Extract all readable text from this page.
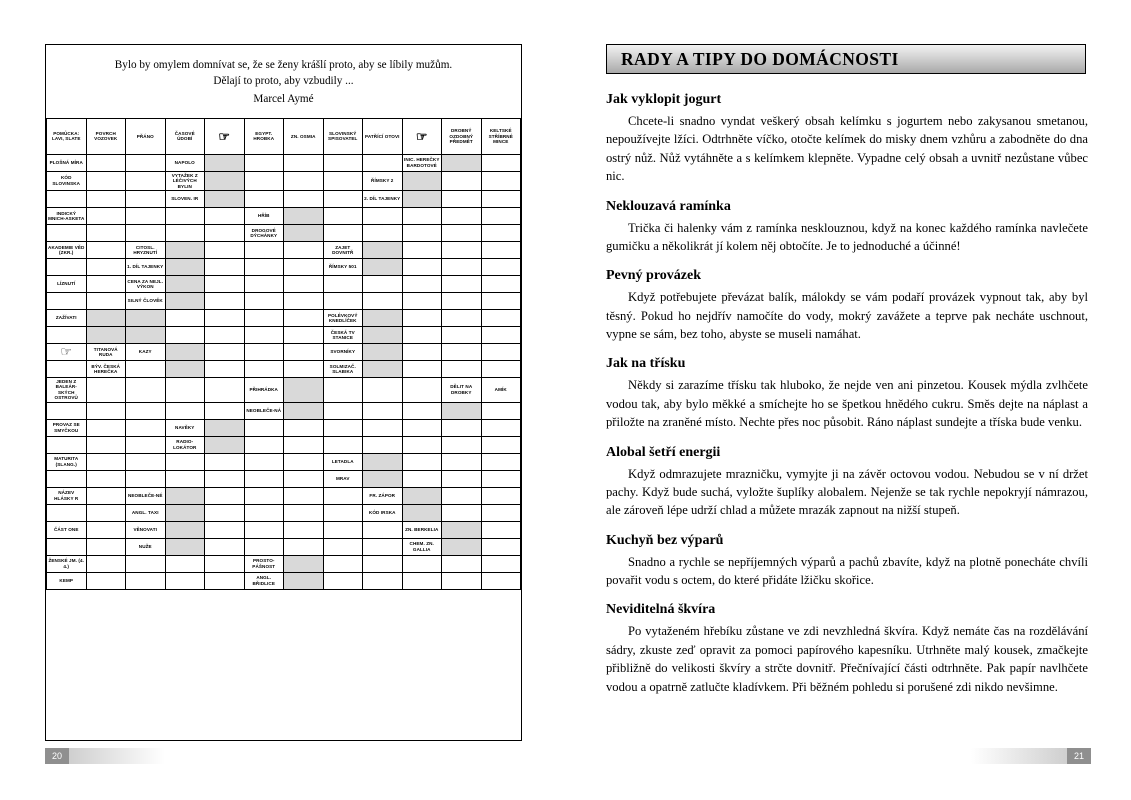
Bylo by omylem domnívat se, že se ženy krášlí proto, aby se líbily mužům.
Dělají to proto, aby vzbudily ...
Marcel Aymé
POMŮCKA: LAVI, SLATE	POVRCH VOZOVEK	PŘÁNO	ČASOVÉ ÚDOBÍ	☞	EGYPT. HROBKA	ZN. OSMIA	SLOVINSKÝ SPISOVATEL	PATŘÍCÍ OTOVI	☞	DROBNÝ OZDOBNÝ PŘEDMĚT	KELTSKÉ STŘÍBRNÉ MINCE
PLOŠNÁ MÍRA			NAPOLO						INIC. HEREČKY BARDOTOVÉ		
KÓD SLOVINSKA			VYTAŽEK Z LÉČIVÝCH BYLIN					ŘÍMSKY 2			
			SLOVEN. IR					2. DÍL TAJENKY			
INDICKÝ MNICH-ASKETA					HŘÍB						
					DROGOVÉ DÝCHÁNKY						
AKADEMIE VĚD (ZKR.)		CITOSL. HRYZNUTÍ					ZAJET DOVNITŘ				
		1. DÍL TAJENKY					ŘÍMSKY 501				
LÍZNUTÍ		CENA ZA NEJL. VÝKON									
		SILNÝ ČLOVĚK									
ZAŽÍVATI							POLÉVKOVÝ KNEDLÍČEK				
							ČESKÁ TV STANICE				

☞	TITANOVÁ RUDA	KAZY					SVORNÍKY				
	BÝV. ČESKÁ HEREČKA						SOLMIZAČ. SLABIKA				
JEDEN Z BALEÁR-SKÝCH OSTROVŮ					PŘIHRÁDKA					DĚLIT NA DROBKY	AMÍK
					NEOBLEČE-NÁ						
PROVAZ SE SMYČKOU			NAVĚKY								
			RADIO-LOKÁTOR								
MATURITA (SLANG.)							LETADLA				
							MRAV				
NÁZEV HLÁSKY R		NEOBLEČE-NÉ						FR. ZÁPOR			
		ANGL. TAXI						KÓD IRSKA			
ČÁST ONE		VĚNOVATI							ZN. BERKELIA		
		NUŽE							CHEM. ZN. GALLIA		
ŽENSKÉ JM. (4. 4.)					PROSTO-PÁŠNOST						
KEMP					ANGL. BŘIDLICE						
20
RADY A TIPY DO DOMÁCNOSTI
Jak vyklopit jogurt

Chcete-li snadno vyndat veškerý obsah kelímku s jogurtem nebo zakysanou smetanou, nepoužívejte lžíci. Odtrhněte víčko, otočte kelímek do misky dnem vzhůru a zabodněte do dna ostrý nůž. Nůž vytáhněte a s kelímkem klepněte. Vypadne celý obsah a uvnitř nezůstane vůbec nic.

Neklouzavá ramínka

Trička či halenky vám z ramínka nesklouznou, když na konec každého ramínka navlečete gumičku a několikrát jí kolem něj obtočíte. Je to jednoduché a účinné!

Pevný provázek

Když potřebujete převázat balík, málokdy se vám podaří provázek vypnout tak, aby byl těsný. Pokud ho nejdřív namočíte do vody, mokrý zavážete a teprve pak necháte uschnout, vypne se sám, bez toho, abyste se museli namáhat.

Jak na třísku

Někdy si zarazíme třísku tak hluboko, že nejde ven ani pinzetou. Kousek mýdla zvlhčete vodou tak, aby bylo měkké a smíchejte ho se špetkou hnědého cukru. Směs dejte na náplast a přiložte na zraněné místo. Nechte přes noc působit. Ráno náplast sundejte a tříska bude venku.

Alobal šetří energii

Když odmrazujete mrazničku, vymyjte ji na závěr octovou vodou. Nebudou se v ní držet pachy. Když bude suchá, vyložte šuplíky alobalem. Nejenže se tak rychle nepokryjí námrazou, ale zároveň lépe udrží chlad a můžete mrazák zapnout na nižší stupeň.

Kuchyň bez výparů

Snadno a rychle se nepříjemných výparů a pachů zbavíte, když na plotně ponecháte chvíli povařit vodu s octem, do které přidáte lžičku skořice.

Neviditelná škvíra

Po vytaženém hřebíku zůstane ve zdi nevzhledná škvíra. Když nemáte čas na rozdělávání sádry, zkuste zeď opravit za pomoci papírového kapesníku. Utrhněte malý kousek, zmačkejte přibližně do velikosti škvíry a strčte dovnitř. Přečnívající části odtrhněte. Pak papír navlhčete vodou a opatrně zatlučte kladívkem. Při běžném pohledu si porušené zdi nikdo nevšimne.

21
